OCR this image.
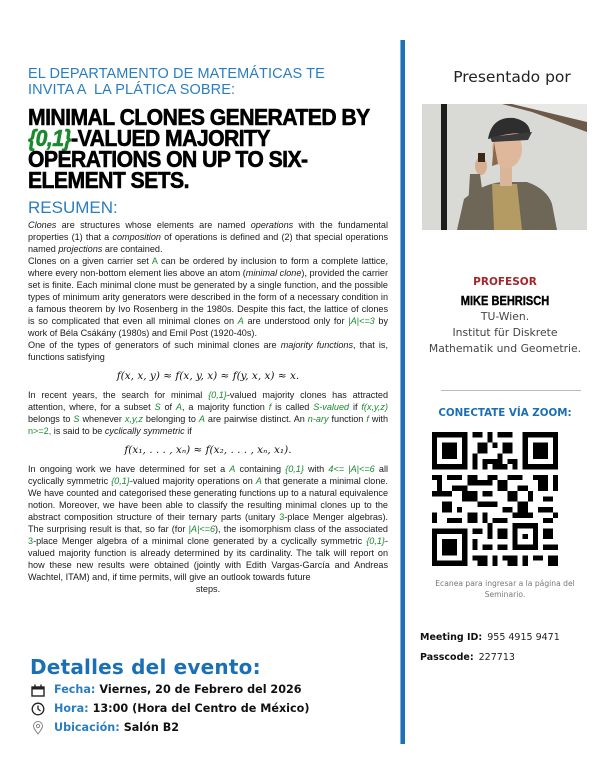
EL DEPARTAMENTO DE MATEMÁTICAS TE
INVITA A  LA PLÁTICA SOBRE:
MINIMAL CLONES GENERATED BY
{0,1}-VALUED MAJORITY OPERATIONS ON UP TO SIX-ELEMENT SETS.
RESUMEN:

Clones are structures whose elements are named operations with the fundamental properties (1) that a composition of operations is defined and (2) that special operations named projections are contained.

Clones on a given carrier set A can be ordered by inclusion to form a complete lattice, where every non-bottom element lies above an atom (minimal clone), provided the carrier set is finite. Each minimal clone must be generated by a single function, and the possible types of minimum arity generators were described in the form of a necessary condition in a famous theorem by Ivo Rosenberg in the 1980s. Despite this fact, the lattice of clones is so complicated that even all minimal clones on A are understood only for |A|<=3 by work of Béla Csákány (1980s) and Emil Post (1920-40s).

One of the types of generators of such minimal clones are majority functions, that is, functions satisfying

f(x, x, y) ≈ f(x, y, x) ≈ f(y, x, x) ≈ x.

In recent years, the search for minimal {0,1}-valued majority clones has attracted attention, where, for a subset S of A, a majority function f is called S-valued if f(x,y,z) belongs to S whenever x,y,z belonging to A are pairwise distinct. An n-ary function f with n>=2, is said to be cyclically symmetric if

f(x₁, . . . , xₙ) ≈ f(x₂, . . . , xₙ, x₁).

In ongoing work we have determined for set a A containing {0,1} with 4<= |A|<=6 all cyclically symmetric {0,1}-valued majority operations on A that generate a minimal clone. We have counted and categorised these generating functions up to a natural equivalence notion. Moreover, we have been able to classify the resulting minimal clones up to the abstract composition structure of their ternary parts (unitary 3-place Menger algebras). The surprising result is that, so far (for |A|<=6), the isomorphism class of the associated 3-place Menger algebra of a minimal clone generated by a cyclically symmetric {0,1}-valued majority function is already determined by its cardinality. The talk will report on how these new results were obtained (jointly with Edith Vargas-García and Andreas Wachtel, ITAM) and, if time permits, will give an outlook towards future

steps.
Detalles del evento:
Fecha: Viernes, 20 de Febrero del 2026
Hora: 13:00 (Hora del Centro de México)
Ubicación: Salón B2
Presentado por
PROFESOR
MIKE BEHRISCH
TU-Wien.
Institut für Diskrete
Mathematik und Geometrie.
CONECTATE VÍA ZOOM:
Ecanea para ingresar a la página del
Seminario.
Meeting ID: 955 4915 9471
Passcode: 227713
